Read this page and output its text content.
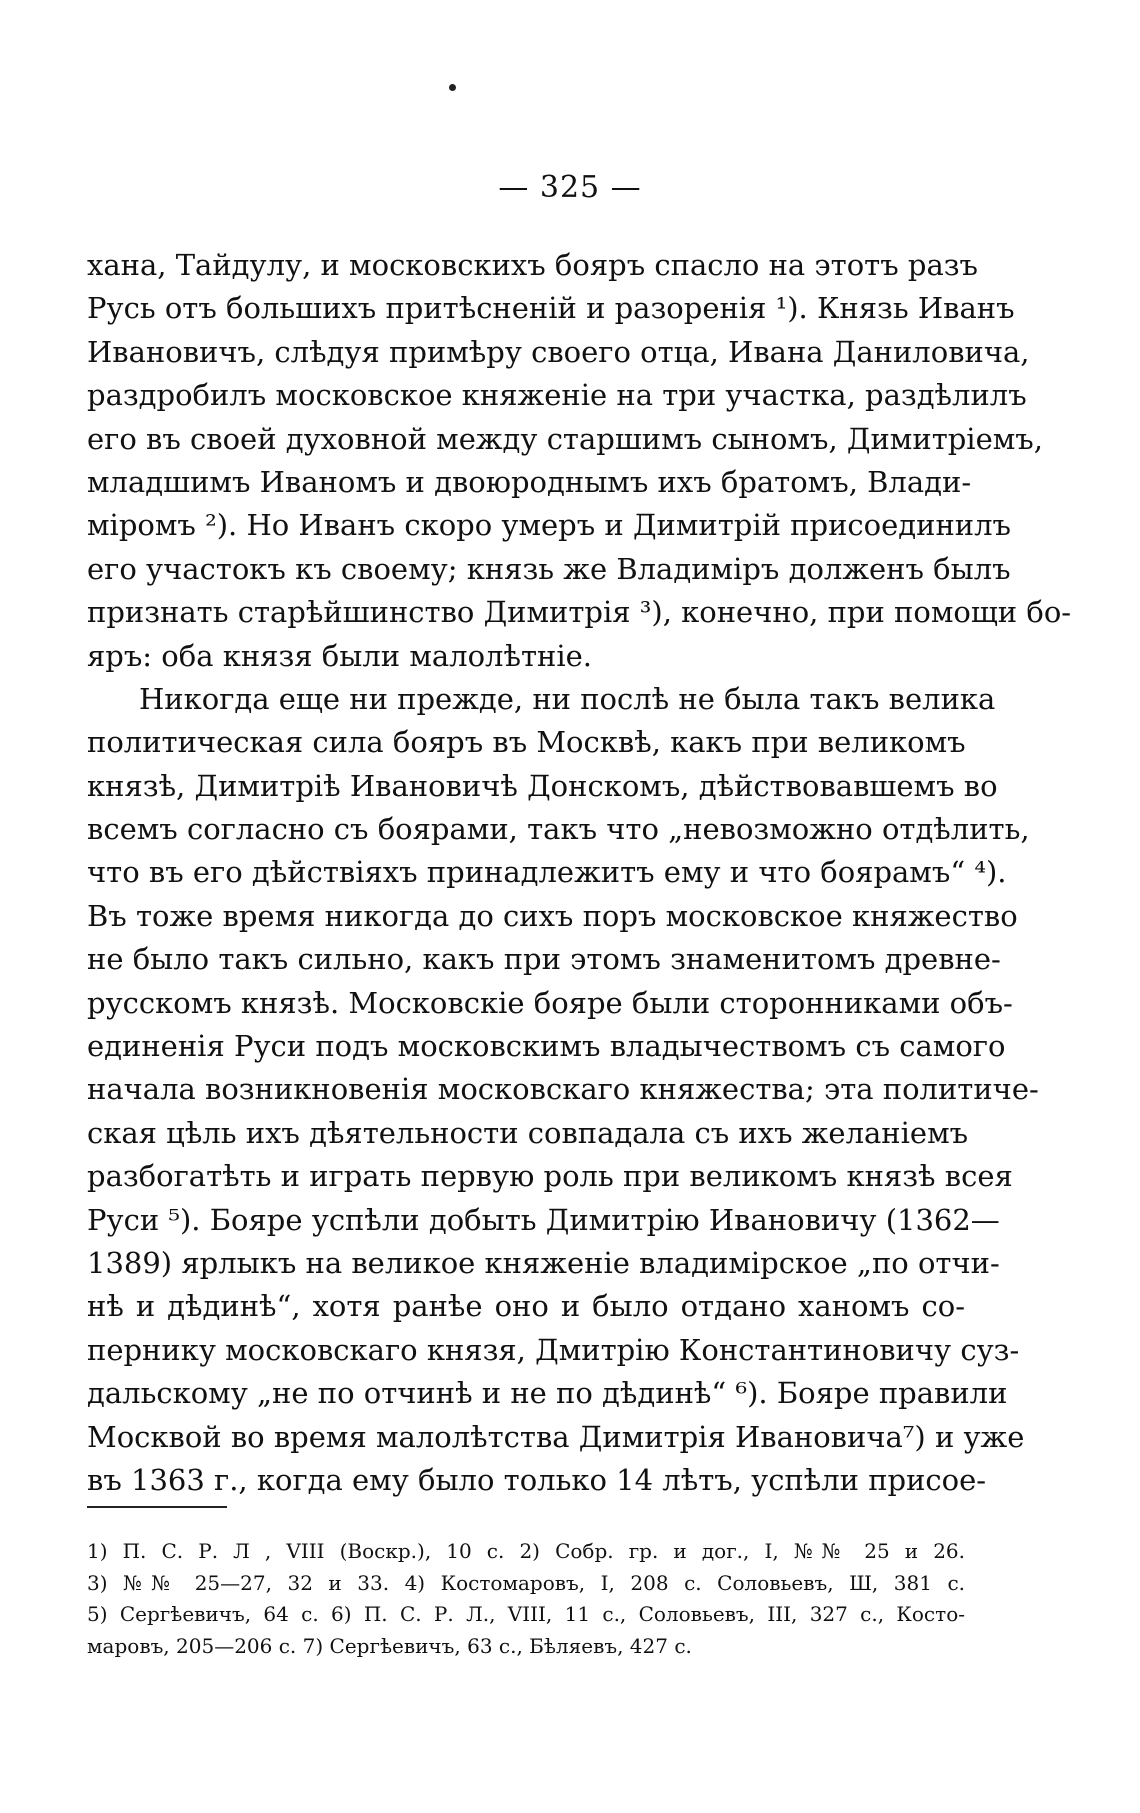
— 325 —
хана, Тайдулу, и московскихъ бояръ спасло на этотъ разъ
Русь отъ большихъ притѣсненій и разоренія ¹). Князь Иванъ
Ивановичъ, слѣдуя примѣру своего отца, Ивана Даниловича,
раздробилъ московское княженіе на три участка, раздѣлилъ
его въ своей духовной между старшимъ сыномъ, Димитріемъ,
младшимъ Иваномъ и двоюроднымъ ихъ братомъ, Влади-
міромъ ²). Но Иванъ скоро умеръ и Димитрій присоединилъ
его участокъ къ своему; князь же Владиміръ долженъ былъ
признать старѣйшинство Димитрія ³), конечно, при помощи бо-
яръ: оба князя были малолѣтніе.
Никогда еще ни прежде, ни послѣ не была такъ велика
политическая сила бояръ въ Москвѣ, какъ при великомъ
князѣ, Димитріѣ Ивановичѣ Донскомъ, дѣйствовавшемъ во
всемъ согласно съ боярами, такъ что „невозможно отдѣлить,
что въ его дѣйствіяхъ принадлежитъ ему и что боярамъ“ ⁴).
Въ тоже время никогда до сихъ поръ московское княжество
не было такъ сильно, какъ при этомъ знаменитомъ древне-
русскомъ князѣ. Московскіе бояре были сторонниками объ-
единенія Руси подъ московскимъ владычествомъ съ самого
начала возникновенія московскаго княжества; эта политиче-
ская цѣль ихъ дѣятельности совпадала съ ихъ желаніемъ
разбогатѣть и играть первую роль при великомъ князѣ всея
Руси ⁵). Бояре успѣли добыть Димитрію Ивановичу (1362—
1389) ярлыкъ на великое княженіе владимірское „по отчи-
нѣ и дѣдинѣ“, хотя ранѣе оно и было отдано ханомъ со-
пернику московскаго князя, Дмитрію Константиновичу суз-
дальскому „не по отчинѣ и не по дѣдинѣ“ ⁶). Бояре правили
Москвой во время малолѣтства Димитрія Ивановича⁷) и уже
въ 1363 г., когда ему было только 14 лѣтъ, успѣли присое-
1) П. С. Р. Л , VIII (Воскр.), 10 с. 2) Собр. гр. и дог., I, №№ 25 и 26.
3) №№ 25—27, 32 и 33. 4) Костомаровъ, I, 208 с. Соловьевъ, Ш, 381 с.
5) Сергѣевичъ, 64 с. 6) П. С. Р. Л., VIII, 11 с., Соловьевъ, III, 327 с., Косто-
маровъ, 205—206 с. 7) Сергѣевичъ, 63 с., Бѣляевъ, 427 с.
